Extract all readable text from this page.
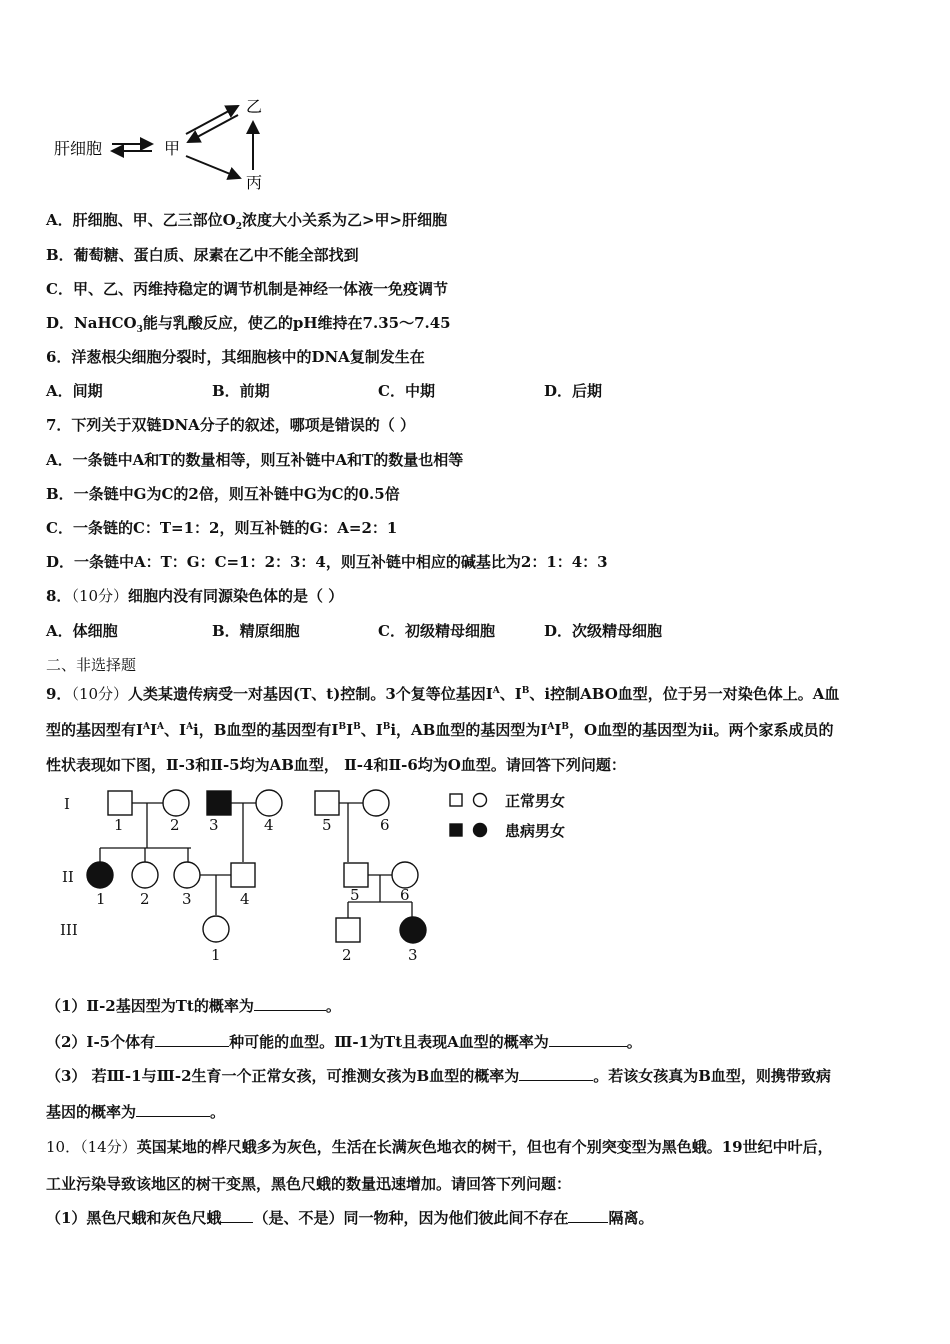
肝细胞	甲
乙
丙
A．肝细胞、甲、乙三部位$O_2$浓度大小关系为乙>甲>肝细胞
B．葡萄糖、蛋白质、尿素在乙中不能全部找到
C．甲、乙、丙维持稳定的调节机制是神经一体液一免疫调节
D．NaHCO$_3$能与乳酸反应，使乙的pH维持在7.35～7.45
6．洋葱根尖细胞分裂时，其细胞核中的DNA复制发生在
A．间期	B．前期	C．中期	D．后期
7．下列关于双链DNA分子的叙述，哪项是错误的（ ）
A．一条链中A和T的数量相等，则互补链中A和T的数量也相等
B．一条链中G为C的2倍，则互补链中G为C的0.5倍
C．一条链的C：T=1：2，则互补链的G：A=2：1
D．一条链中A：T：G：C=1：2：3：4，则互补链中相应的碱基比为2：1：4：3
8．（10分）细胞内没有同源染色体的是（ ）
A．体细胞	B．精原细胞	C．初级精母细胞	D．次级精母细胞
二、非选择题
9．（10分）人类某遗传病受一对基因(T、t)控制。3个复等位基因$I^A$、$I^B$、i控制ABO血型，位于另一对染色体上。A血
型的基因型有$I^AI^A$、$I^Ai$，B血型的基因型有$I^BI^B$、$I^Bi$，AB血型的基因型为$I^AI^B$，O血型的基因型为ii。两个家系成员的
性状表现如下图，Ⅱ-3和Ⅱ-5均为AB血型， Ⅱ-4和Ⅱ-6均为O血型。请回答下列问题：
I
II
III
1	2 3	4	5	6
1 2 3	4	5	6
1	2	3
正常男女
患病男女
（1）Ⅱ-2基因型为Tt的概率为	。
（2）Ⅰ-5个体有	种可能的血型。Ⅲ-1为Tt且表现A血型的概率为	。
（3） 若Ⅲ-1与Ⅲ-2生育一个正常女孩，可推测女孩为B血型的概率为	。若该女孩真为B血型，则携带致病
基因的概率为	。
10．（14分）英国某地的桦尺蛾多为灰色，生活在长满灰色地衣的树干，但也有个别突变型为黑色蛾。19世纪中叶后，
工业污染导致该地区的树干变黑，黑色尺蛾的数量迅速增加。请回答下列问题：
（1）黑色尺蛾和灰色尺蛾 （是、不是）同一物种，因为他们彼此间不存在	隔离。
